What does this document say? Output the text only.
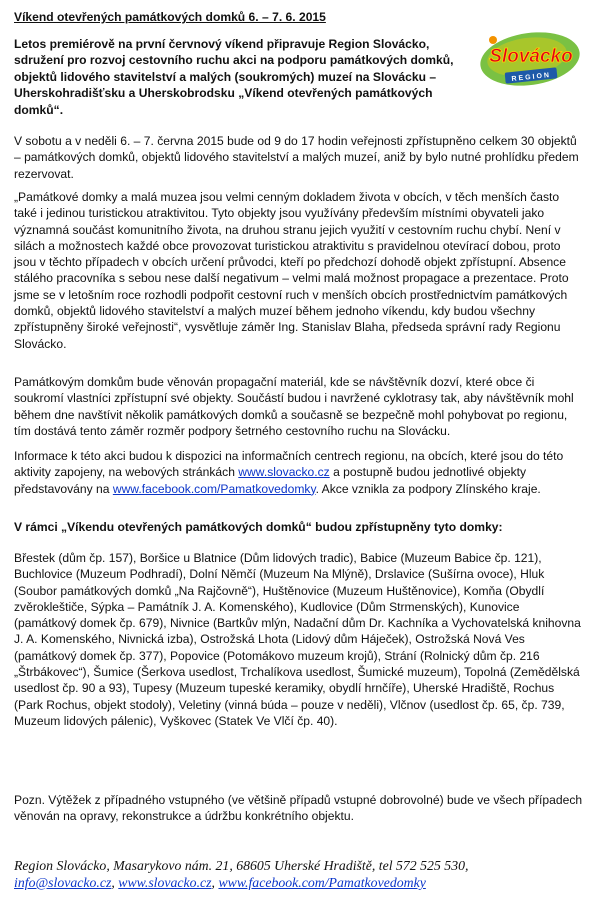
Víkend otevřených památkových domků 6. – 7. 6. 2015
Letos premiérově na první červnový víkend připravuje Region Slovácko, sdružení pro rozvoj cestovního ruchu akci na podporu památkových domků, objektů lidového stavitelství a malých (soukromých) muzeí na Slovácku – Uherskohradišťsku a Uherskobrodsku „Víkend otevřených památkových domků“.
Slovácko
REGION
V sobotu a v neděli 6. – 7. června 2015 bude od 9 do 17 hodin veřejnosti zpřístupněno celkem 30 objektů – památkových domků, objektů lidového stavitelství a malých muzeí, aniž by bylo nutné prohlídku předem rezervovat.
„Památkové domky a malá muzea jsou velmi cenným dokladem života v obcích, v těch menších často také i jedinou turistickou atraktivitou. Tyto objekty jsou využívány především místními obyvateli jako významná součást komunitního života, na druhou stranu jejich využití v cestovním ruchu chybí. Není v silách a možnostech každé obce provozovat turistickou atraktivitu s pravidelnou otevírací dobou, proto jsou v těchto případech v obcích určení průvodci, kteří po předchozí dohodě objekt zpřístupní. Absence stálého pracovníka s sebou nese další negativum – velmi malá možnost propagace a prezentace. Proto jsme se v letošním roce rozhodli podpořit cestovní ruch v menších obcích prostřednictvím památkových domků, objektů lidového stavitelství a malých muzeí během jednoho víkendu, kdy budou všechny zpřístupněny široké veřejnosti“, vysvětluje záměr Ing. Stanislav Blaha, předseda správní rady Regionu Slovácko.
Památkovým domkům bude věnován propagační materiál, kde se návštěvník dozví, které obce či soukromí vlastníci zpřístupní své objekty. Součástí budou i navržené cyklotrasy tak, aby návštěvník mohl během dne navštívit několik památkových domků a současně se bezpečně mohl pohybovat po regionu, tím dostává tento záměr rozměr podpory šetrného cestovního ruchu na Slovácku.
Informace k této akci budou k dispozici na informačních centrech regionu, na obcích, které jsou do této aktivity zapojeny, na webových stránkách www.slovacko.cz a postupně budou jednotlivé objekty představovány na www.facebook.com/Pamatkovedomky. Akce vznikla za podpory Zlínského kraje.
V rámci „Víkendu otevřených památkových domků“ budou zpřístupněny tyto domky:
Břestek (dům čp. 157), Boršice u Blatnice (Dům lidových tradic), Babice (Muzeum Babice čp. 121), Buchlovice (Muzeum Podhradí), Dolní Němčí (Muzeum Na Mlýně), Drslavice (Sušírna ovoce), Hluk (Soubor památkových domků „Na Rajčovně“), Huštěnovice (Muzeum Huštěnovice), Komňa (Obydlí zvěrokleštiče, Sýpka – Památník J. A. Komenského), Kudlovice (Dům Strmenských), Kunovice (památkový domek čp. 679), Nivnice (Bartkův mlýn, Nadační dům Dr. Kachníka a Vychovatelská knihovna J. A. Komenského, Nivnická izba), Ostrožská Lhota (Lidový dům Háječek), Ostrožská Nová Ves (památkový domek čp. 377), Popovice (Potomákovo muzeum krojů), Strání (Rolnický dům čp. 216 „Štrbákovec“), Šumice (Šerkova usedlost, Trchalíkova usedlost, Šumické muzeum), Topolná (Zemědělská usedlost čp. 90 a 93), Tupesy (Muzeum tupeské keramiky, obydlí hrnčíře), Uherské Hradiště, Rochus (Park Rochus, objekt stodoly), Veletiny (vinná búda – pouze v neděli), Vlčnov (usedlost čp. 65, čp. 739, Muzeum lidových pálenic), Vyškovec (Statek Ve Vlčí čp. 40).
Pozn. Výtěžek z případného vstupného (ve většině případů vstupné dobrovolné) bude ve všech případech věnován na opravy, rekonstrukce a údržbu konkrétního objektu.
Region Slovácko, Masarykovo nám. 21, 68605 Uherské Hradiště, tel 572 525 530,
info@slovacko.cz, www.slovacko.cz, www.facebook.com/Pamatkovedomky
